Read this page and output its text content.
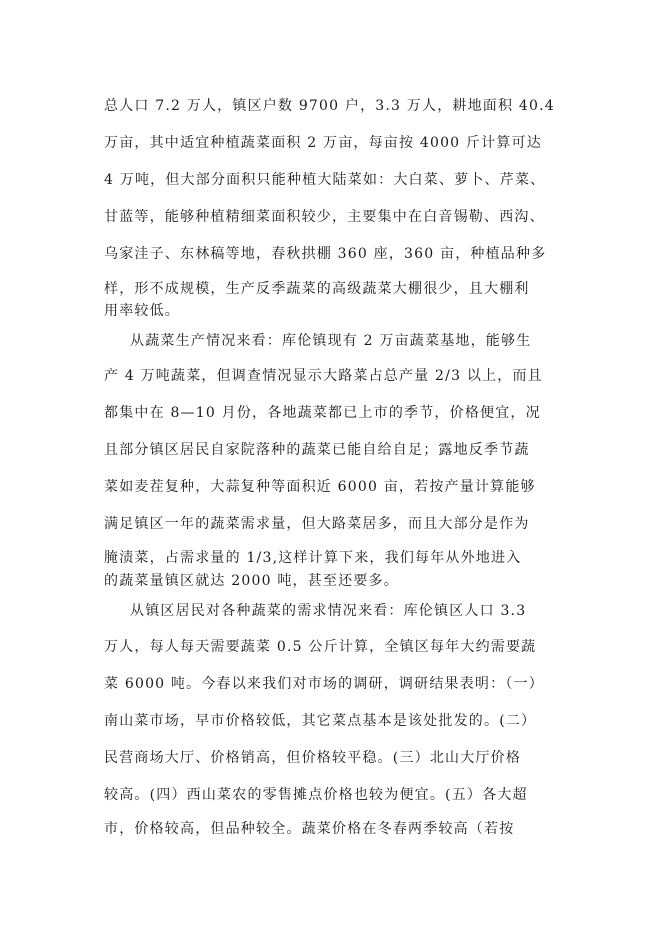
总人口 7.2 万人，镇区户数 9700 户，3.3 万人，耕地面积 40.4
万亩，其中适宜种植蔬菜面积 2 万亩，每亩按 4000 斤计算可达
4 万吨，但大部分面积只能种植大陆菜如：大白菜、萝卜、芹菜、
甘蓝等，能够种植精细菜面积较少，主要集中在白音锡勒、西沟、
乌家洼子、东林稿等地，春秋拱棚 360 座，360 亩，种植品种多
样，形不成规模，生产反季蔬菜的高级蔬菜大棚很少，且大棚利
用率较低。
从蔬菜生产情况来看：库伦镇现有 2 万亩蔬菜基地，能够生
产 4 万吨蔬菜，但调查情况显示大路菜占总产量 2/3 以上，而且
都集中在 8—10 月份，各地蔬菜都已上市的季节，价格便宜，况
且部分镇区居民自家院落种的蔬菜已能自给自足；露地反季节蔬
菜如麦茬复种，大蒜复种等面积近 6000 亩，若按产量计算能够
满足镇区一年的蔬菜需求量，但大路菜居多，而且大部分是作为
腌渍菜，占需求量的 1/3,这样计算下来，我们每年从外地进入
的蔬菜量镇区就达 2000 吨，甚至还要多。
从镇区居民对各种蔬菜的需求情况来看：库伦镇区人口 3.3
万人，每人每天需要蔬菜 0.5 公斤计算，全镇区每年大约需要蔬
菜 6000 吨。今春以来我们对市场的调研，调研结果表明：（一）
南山菜市场，早市价格较低，其它菜点基本是该处批发的。(二）
民营商场大厅、价格销高，但价格较平稳。(三）北山大厅价格
较高。(四）西山菜农的零售摊点价格也较为便宜。(五）各大超
市，价格较高，但品种较全。蔬菜价格在冬春两季较高（若按
